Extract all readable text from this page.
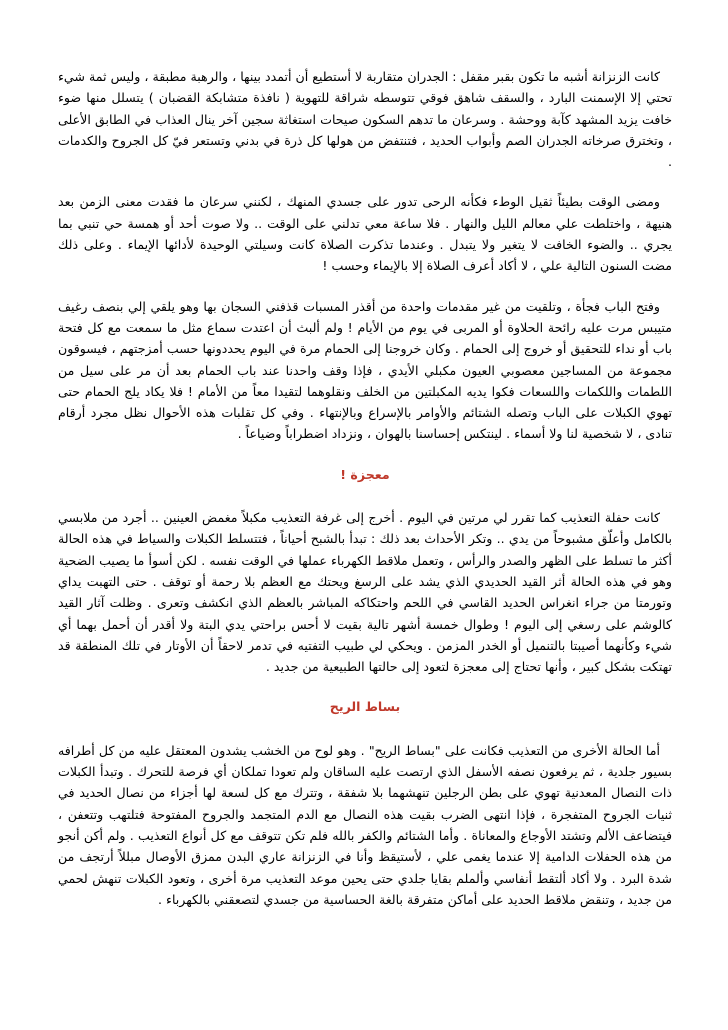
كانت الزنزانة أشبه ما تكون بقبر مقفل : الجدران متقاربة لا أستطيع أن أتمدد بينها ، والرهبة مطبقة ، وليس ثمة شيء تحتي إلا الإسمنت البارد ، والسقف شاهق فوقي تتوسطه شراقة للتهوية ( نافذة متشابكة القضبان ) يتسلل منها ضوء خافت يزيد المشهد كآبة ووحشة . وسرعان ما تدهم السكون صيحات استغاثة سجين آخر ينال العذاب في الطابق الأعلى ، وتخترق صرخاته الجدران الصم وأبواب الحديد ، فتنتفض من هولها كل ذرة في بدني وتستعر فيّ كل الجروح والكدمات .

ومضى الوقت بطيئاً ثقيل الوطء فكأنه الرحى تدور على جسدي المنهك ، لكنني سرعان ما فقدت معنى الزمن بعد هنيهة ، واختلطت علي معالم الليل والنهار . فلا ساعة معي تدلني على الوقت .. ولا صوت أحد أو همسة حي تنبي بما يجري .. والضوء الخافت لا يتغير ولا يتبدل . وعندما تذكرت الصلاة كانت وسيلتي الوحيدة لأدائها الإيماء . وعلى ذلك مضت السنون التالية علي ، لا أكاد أعرف الصلاة إلا بالإيماء وحسب !

وفتح الباب فجأة ، وتلقيت من غير مقدمات واحدة من أقذر المسبات قذفني السجان بها وهو يلقي إلي بنصف رغيف متيبس مرت عليه رائحة الحلاوة أو المربى في يوم من الأيام ! ولم ألبث أن اعتدت سماع مثل ما سمعت مع كل فتحة باب أو نداء للتحقيق أو خروج إلى الحمام . وكان خروجنا إلى الحمام مرة في اليوم يحددونها حسب أمزجتهم ، فيسوقون مجموعة من المساجين معصوبي العيون مكبلي الأيدي ، فإذا وقف واحدنا عند باب الحمام بعد أن مر على سيل من اللطمات واللكمات واللسعات فكوا يديه المكبلتين من الخلف ونقلوهما لتقيدا معاً من الأمام ! فلا يكاد يلج الحمام حتى تهوي الكبلات على الباب وتصله الشتائم والأوامر بالإسراع وبالإنتهاء . وفي كل تقلبات هذه الأحوال نظل مجرد أرقام تنادى ، لا شخصية لنا ولا أسماء . لينتكس إحساسنا بالهوان ، ونزداد اضطراباً وضياعاً .

معجزة !

كانت حفلة التعذيب كما تقرر لي مرتين في اليوم . أخرج إلى غرفة التعذيب مكبلاً مغمض العينين .. أجرد من ملابسي بالكامل وأعلّق مشبوحاً من يدي .. وتكر الأحداث بعد ذلك : تبدأ بالشبح أحياناً ، فتتسلط الكبلات والسياط في هذه الحالة أكثر ما تسلط على الظهر والصدر والرأس ، وتعمل ملاقط الكهرباء عملها في الوقت نفسه . لكن أسوأ ما يصيب الضحية وهو في هذه الحالة أثر القيد الحديدي الذي يشد على الرسغ ويحتك مع العظم بلا رحمة أو توقف . حتى التهبت يداي وتورمتا من جراء انغراس الحديد القاسي في اللحم واحتكاكه المباشر بالعظم الذي انكشف وتعرى . وظلت آثار القيد كالوشم على رسغي إلى اليوم ! وطوال خمسة أشهر تالية بقيت لا أحس براحتي يدي البتة ولا أقدر أن أحمل بهما أي شيء وكأنهما أصيبتا بالتنميل أو الخدر المزمن . ويحكي لي طبيب التفتيه في تدمر لاحقاً أن الأوتار في تلك المنطقة قد تهتكت بشكل كبير ، وأنها تحتاج إلى معجزة لتعود إلى حالتها الطبيعية من جديد .

بساط الريح

أما الحالة الأخرى من التعذيب فكانت على "بساط الريح" . وهو لوح من الخشب يشدون المعتقل عليه من كل أطرافه بسيور جلدية ، ثم يرفعون نصفه الأسفل الذي ارتصت عليه الساقان ولم تعودا تملكان أي فرصة للتحرك . وتبدأ الكبلات ذات النصال المعدنية تهوي على بطن الرجلين تنهشهما بلا شفقة ، وتترك مع كل لسعة لها أجزاء من نصال الحديد في ثنيات الجروح المتفجرة ، فإذا انتهى الضرب بقيت هذه النصال مع الدم المتجمد والجروح المفتوحة فتلتهب وتتعفن ، فيتضاعف الألم وتشتد الأوجاع والمعاناة . وأما الشتائم والكفر بالله فلم تكن تتوقف مع كل أنواع التعذيب . ولم أكن أنجو من هذه الحفلات الدامية إلا عندما يغمى علي ، لأستيقظ وأنا في الزنزانة عاري البدن ممزق الأوصال مبللاً أرتجف من شدة البرد . ولا أكاد ألتقط أنفاسي وألملم بقايا جلدي حتى يحين موعد التعذيب مرة أخرى ، وتعود الكبلات تنهش لحمي من جديد ، وتنقض ملاقط الحديد على أماكن متفرقة بالغة الحساسية من جسدي لتصعقني بالكهرباء .
